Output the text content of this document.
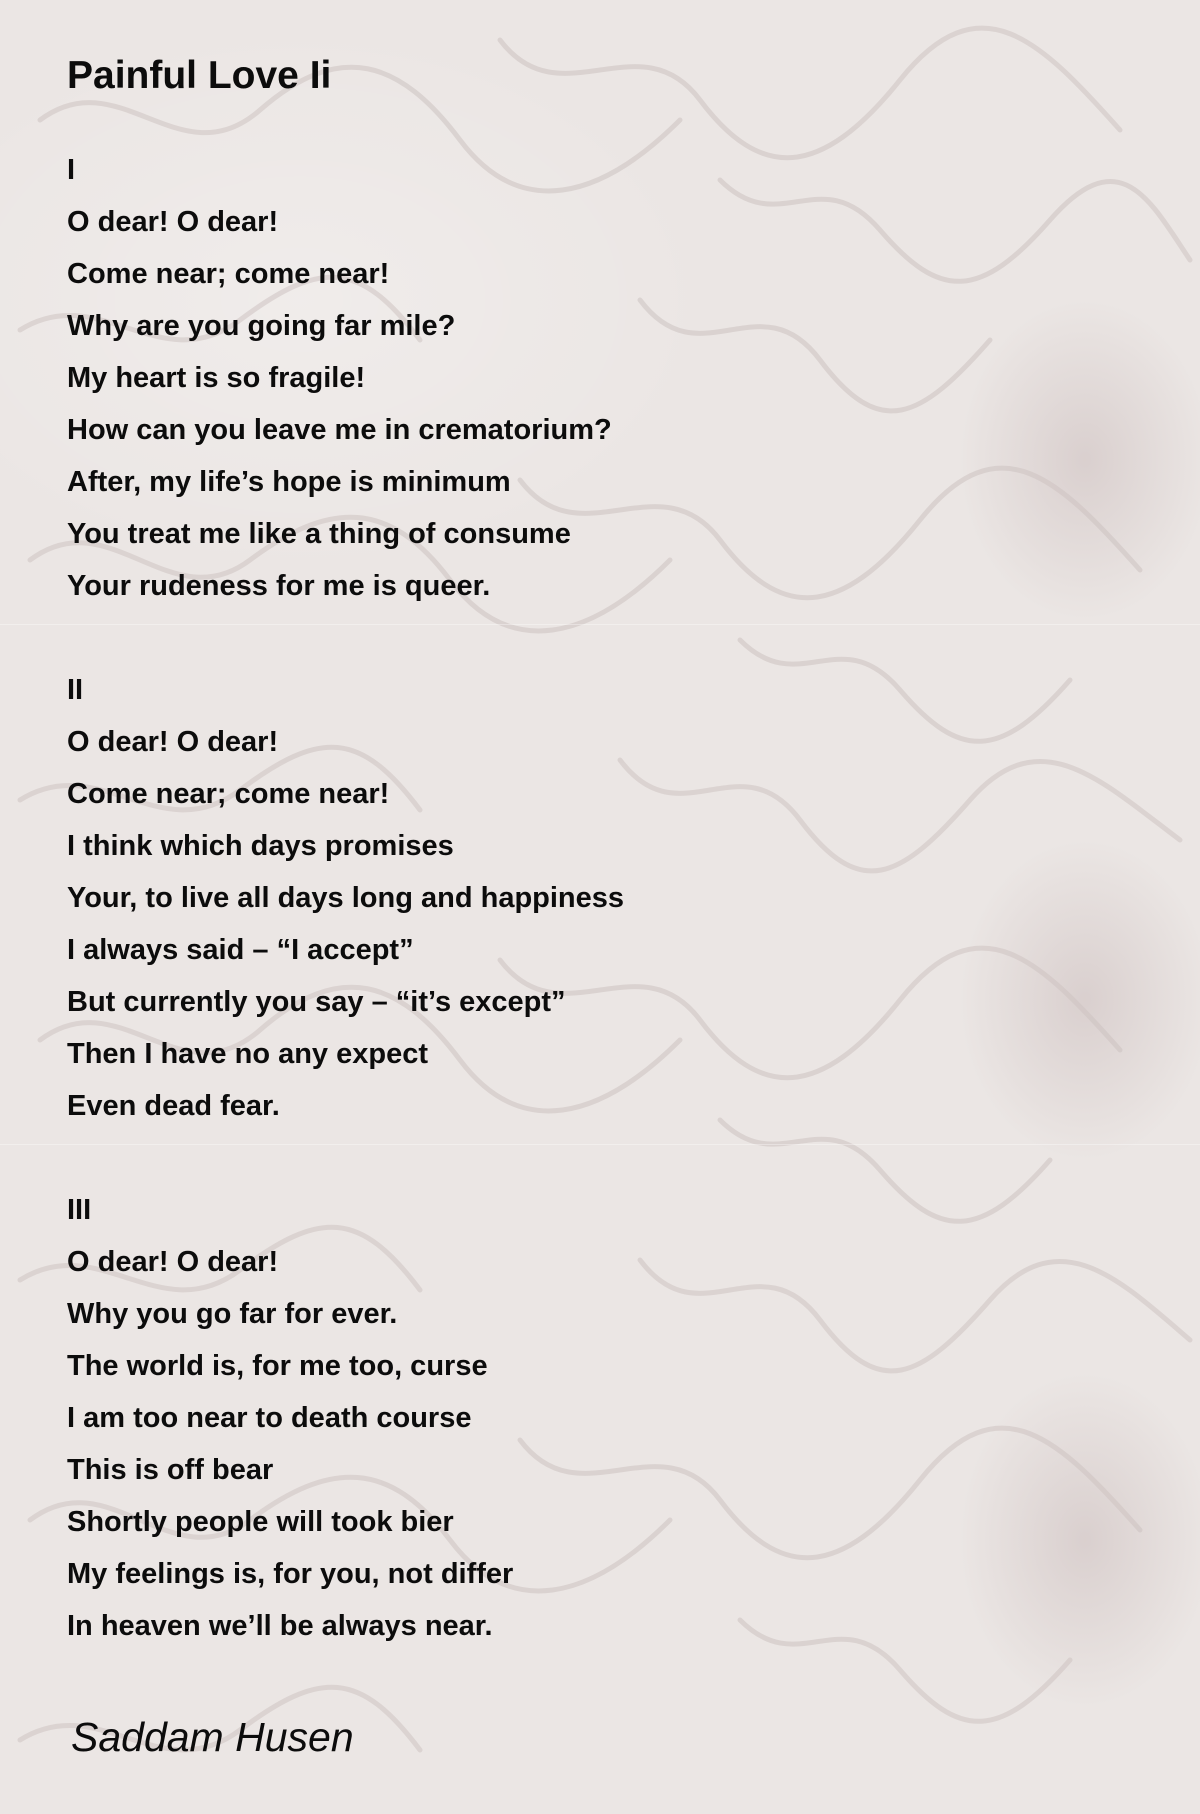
Painful Love Ii
I
O dear! O dear!
Come near; come near!
Why are you going far mile?
My heart is so fragile!
How can you leave me in crematorium?
After, my life’s hope is minimum
You treat me like a thing of consume
Your rudeness for me is queer.
II
O dear! O dear!
Come near; come near!
I think which days promises
Your, to live all days long and happiness
I always said – “I accept”
But currently you say – “it’s except”
Then I have no any expect
Even dead fear.
III
O dear! O dear!
Why you go far for ever.
The world is, for me too, curse
I am too near to death course
This is off bear
Shortly people will took bier
My feelings is, for you, not differ
In heaven we’ll be always near.
Saddam Husen
